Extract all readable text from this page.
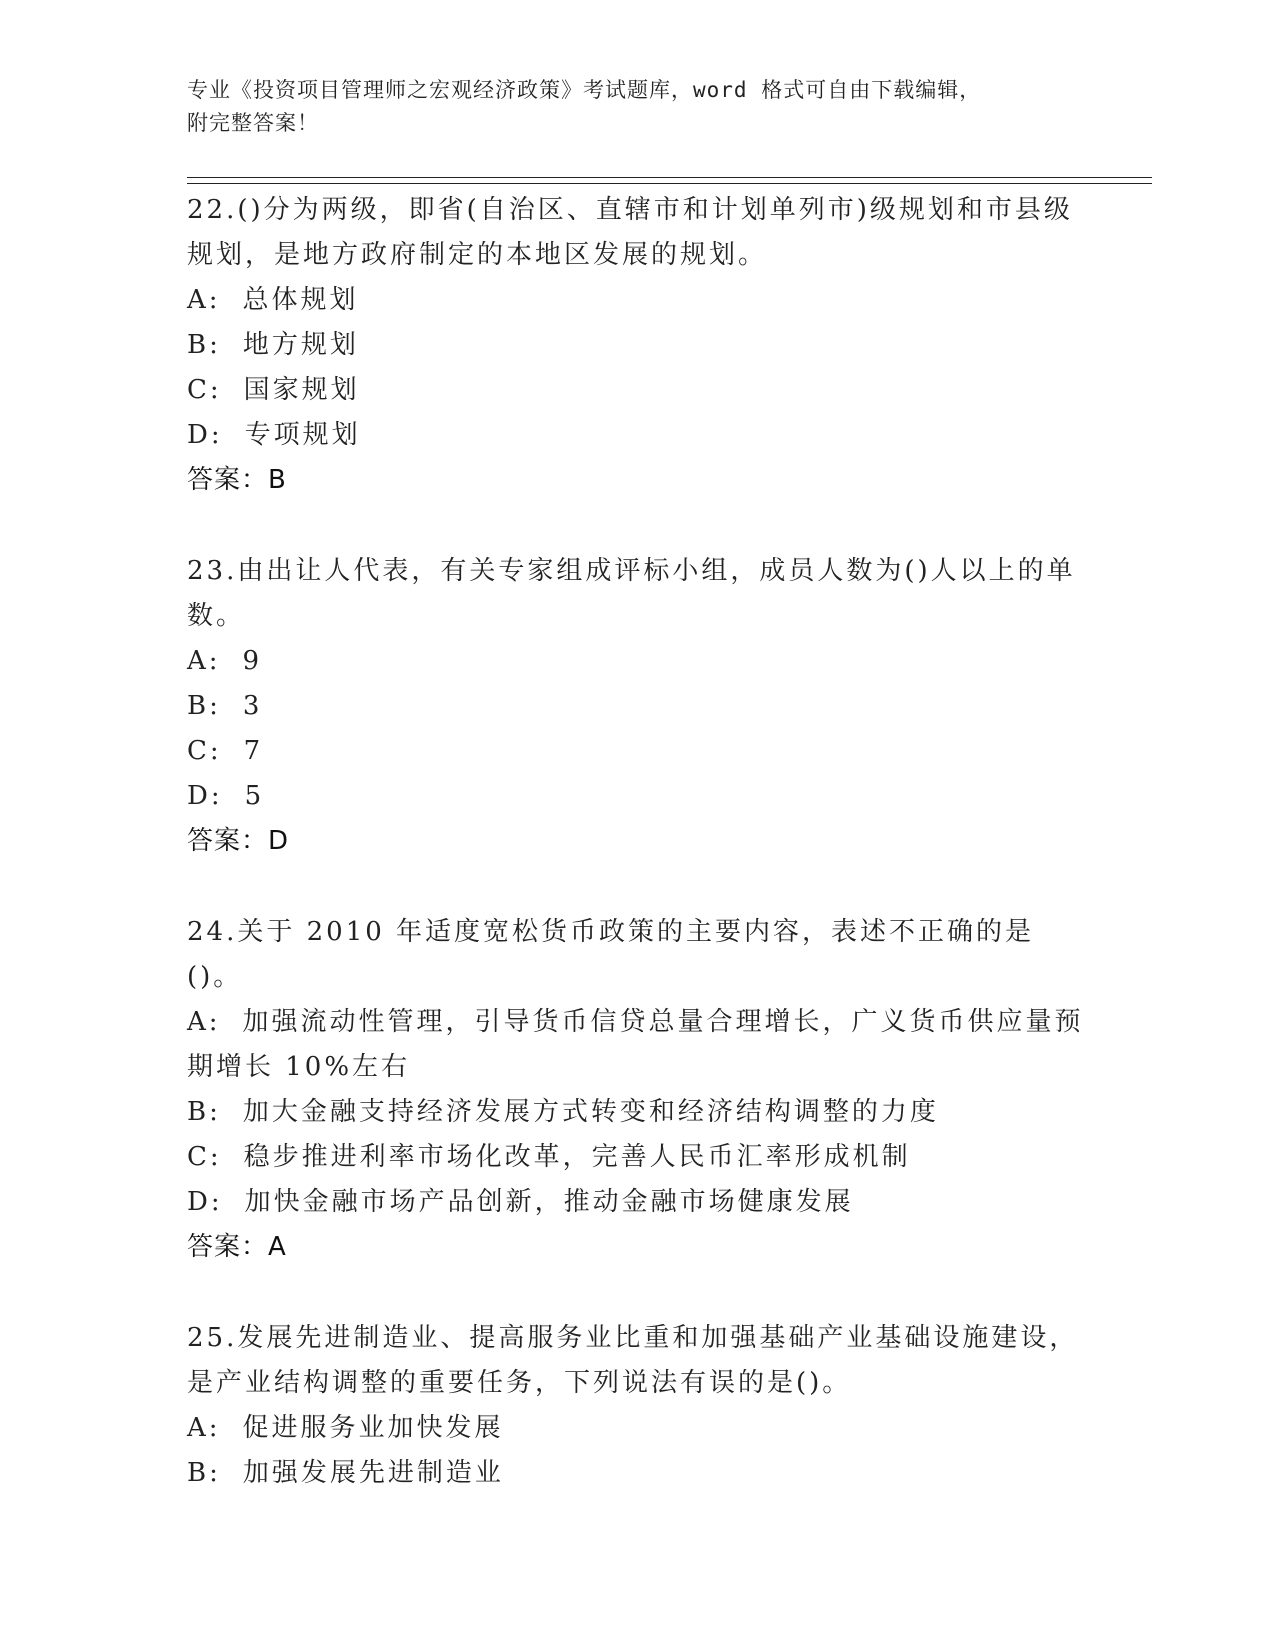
专业《投资项目管理师之宏观经济政策》考试题库，word 格式可自由下载编辑，
附完整答案！
22.()分为两级，即省(自治区、直辖市和计划单列市)级规划和市县级规划，是地方政府制定的本地区发展的规划。
A: 总体规划
B: 地方规划
C: 国家规划
D: 专项规划
答案：B
23.由出让人代表，有关专家组成评标小组，成员人数为()人以上的单数。
A: 9
B: 3
C: 7
D: 5
答案：D
24.关于 2010 年适度宽松货币政策的主要内容，表述不正确的是()。
A: 加强流动性管理，引导货币信贷总量合理增长，广义货币供应量预期增长 10%左右
B: 加大金融支持经济发展方式转变和经济结构调整的力度
C: 稳步推进利率市场化改革，完善人民币汇率形成机制
D: 加快金融市场产品创新，推动金融市场健康发展
答案：A
25.发展先进制造业、提高服务业比重和加强基础产业基础设施建设，是产业结构调整的重要任务，下列说法有误的是()。
A: 促进服务业加快发展
B: 加强发展先进制造业
